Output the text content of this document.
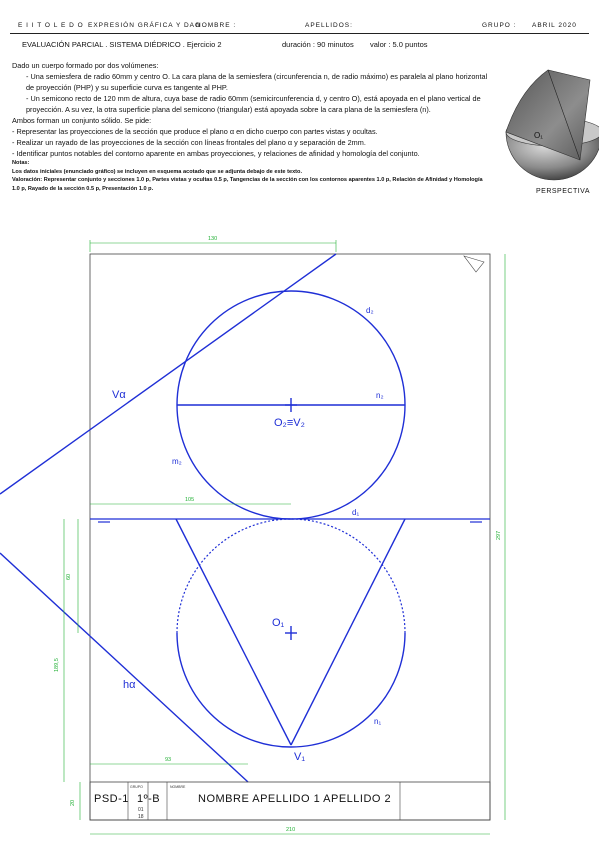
E I I T O L E D O EXPRESIÓN GRÁFICA Y DAO
NOMBRE :	APELLIDOS:	GRUPO : ABRIL 2020
EVALUACIÓN PARCIAL . SISTEMA DIÉDRICO . Ejercicio 2	duración : 90 minutos valor : 5.0 puntos

Dado un cuerpo formado por dos volúmenes:

- Una semiesfera de radio 60mm y centro O. La cara plana de la semiesfera (circunferencia n, de radio máximo) es paralela al plano horizontal de proyección (PHP) y su superficie curva es tangente al PHP.

- Un semicono recto de 120 mm de altura, cuya base de radio 60mm (semicircunferencia d, y centro O), está apoyada en el plano vertical de proyección. A su vez, la otra superficie plana del semicono (triangular) está apoyada sobre la cara plana de la semiesfera (n).

Ambos forman un conjunto sólido. Se pide:

- Representar las proyecciones de la sección que produce el plano α en dicho cuerpo con partes vistas y ocultas.

- Realizar un rayado de las proyecciones de la sección con líneas frontales del plano α y separación de 2mm.

- Identificar puntos notables del contorno aparente en ambas proyecciones, y relaciones de afinidad y homología del conjunto.

Notas:

Los datos iniciales (enunciado gráfico) se incluyen en esquema acotado que se adjunta debajo de este texto.

Valoración: Representar conjunto y secciones 1.0 p, Partes vistas y ocultas 0.5 p, Tangencias de la sección con los contornos aparentes 1.0 p, Relación de Afinidad y Homología 1.0 p, Rayado de la sección 0.5 p, Presentación 1.0 p.	PERSPECTIVA
O₁
d₂
n₂
O₂≡V₂
m₂
Vα
hα
d₁
O₁
n₁
V₁
130
105
60
189,5
93
297
210
20
GRUPO	NOMBRE
01
18
PSD-1 1º-B	NOMBRE APELLIDO 1 APELLIDO 2
